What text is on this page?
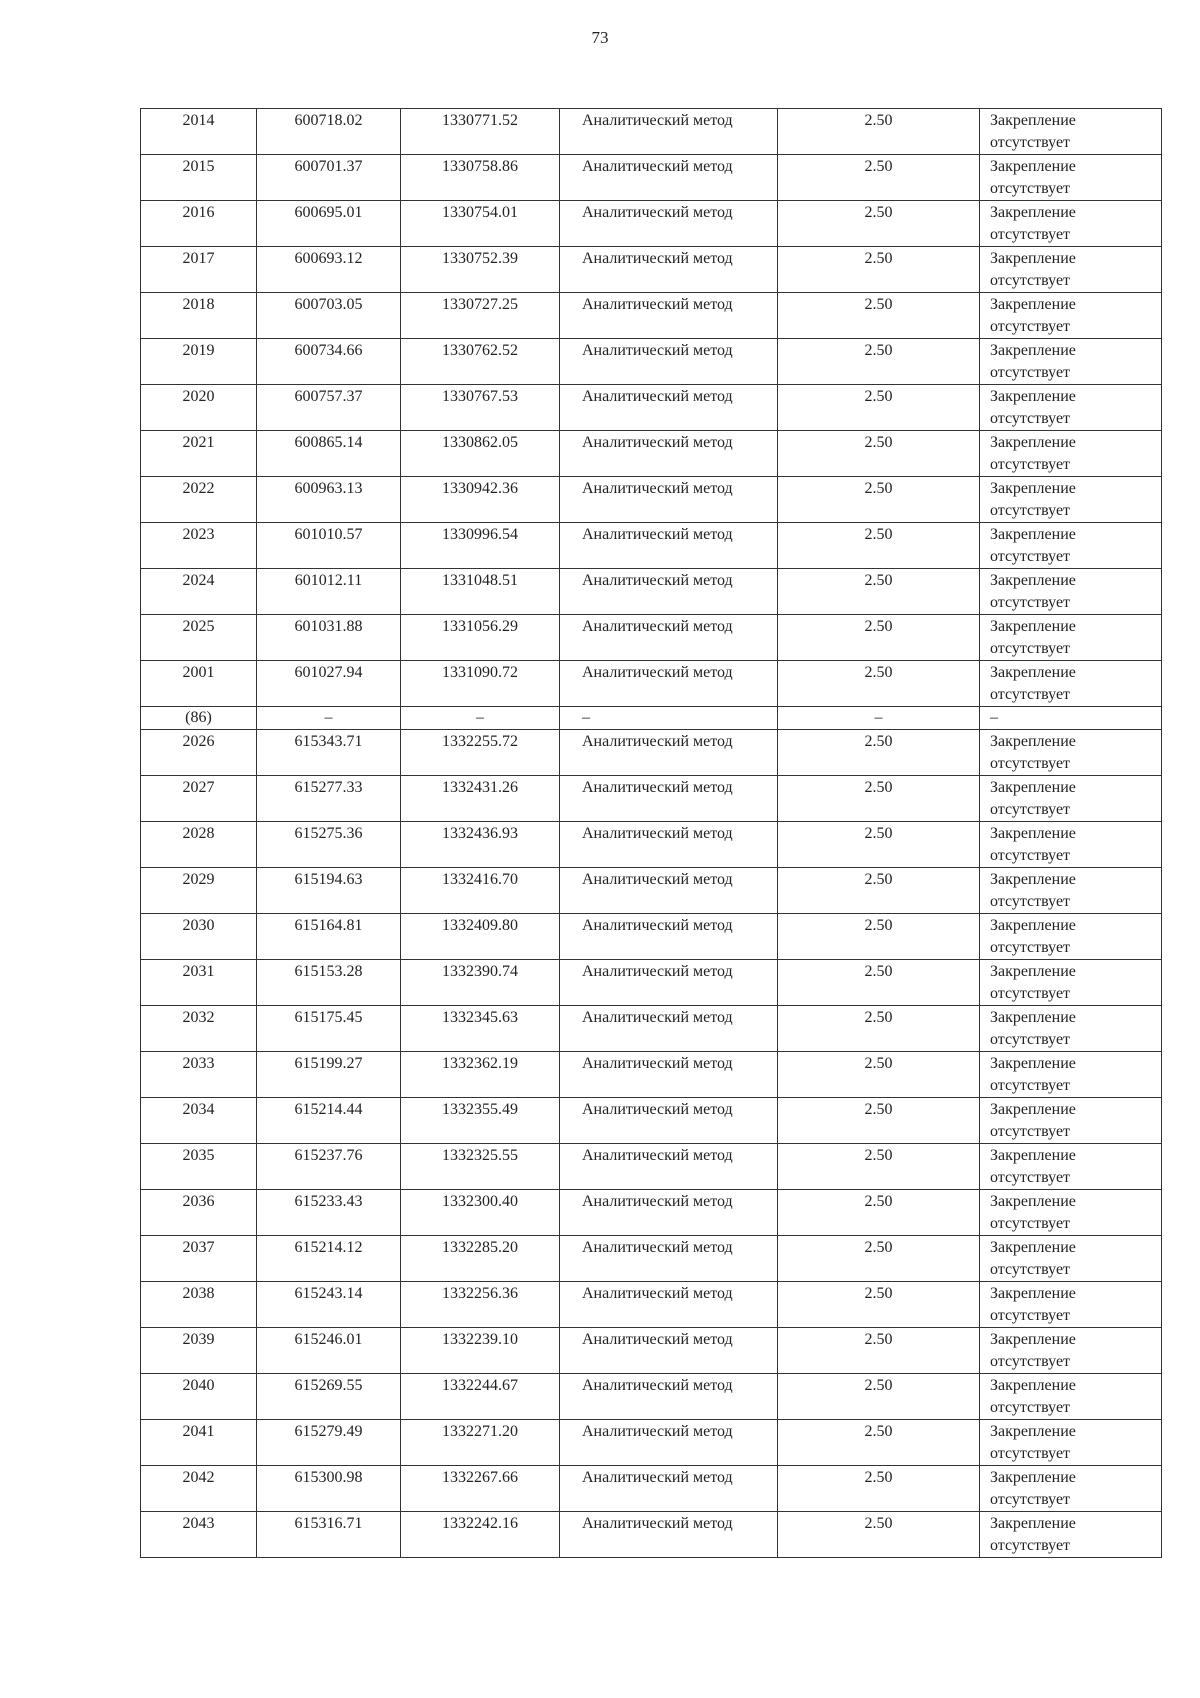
73
2014	600718.02	1330771.52	Аналитический метод	2.50	Закрепление отсутствует
2015	600701.37	1330758.86	Аналитический метод	2.50	Закрепление отсутствует
2016	600695.01	1330754.01	Аналитический метод	2.50	Закрепление отсутствует
2017	600693.12	1330752.39	Аналитический метод	2.50	Закрепление отсутствует
2018	600703.05	1330727.25	Аналитический метод	2.50	Закрепление отсутствует
2019	600734.66	1330762.52	Аналитический метод	2.50	Закрепление отсутствует
2020	600757.37	1330767.53	Аналитический метод	2.50	Закрепление отсутствует
2021	600865.14	1330862.05	Аналитический метод	2.50	Закрепление отсутствует
2022	600963.13	1330942.36	Аналитический метод	2.50	Закрепление отсутствует
2023	601010.57	1330996.54	Аналитический метод	2.50	Закрепление отсутствует
2024	601012.11	1331048.51	Аналитический метод	2.50	Закрепление отсутствует
2025	601031.88	1331056.29	Аналитический метод	2.50	Закрепление отсутствует
2001	601027.94	1331090.72	Аналитический метод	2.50	Закрепление отсутствует
(86)	–	–	–	–	–
2026	615343.71	1332255.72	Аналитический метод	2.50	Закрепление отсутствует
2027	615277.33	1332431.26	Аналитический метод	2.50	Закрепление отсутствует
2028	615275.36	1332436.93	Аналитический метод	2.50	Закрепление отсутствует
2029	615194.63	1332416.70	Аналитический метод	2.50	Закрепление отсутствует
2030	615164.81	1332409.80	Аналитический метод	2.50	Закрепление отсутствует
2031	615153.28	1332390.74	Аналитический метод	2.50	Закрепление отсутствует
2032	615175.45	1332345.63	Аналитический метод	2.50	Закрепление отсутствует
2033	615199.27	1332362.19	Аналитический метод	2.50	Закрепление отсутствует
2034	615214.44	1332355.49	Аналитический метод	2.50	Закрепление отсутствует
2035	615237.76	1332325.55	Аналитический метод	2.50	Закрепление отсутствует
2036	615233.43	1332300.40	Аналитический метод	2.50	Закрепление отсутствует
2037	615214.12	1332285.20	Аналитический метод	2.50	Закрепление отсутствует
2038	615243.14	1332256.36	Аналитический метод	2.50	Закрепление отсутствует
2039	615246.01	1332239.10	Аналитический метод	2.50	Закрепление отсутствует
2040	615269.55	1332244.67	Аналитический метод	2.50	Закрепление отсутствует
2041	615279.49	1332271.20	Аналитический метод	2.50	Закрепление отсутствует
2042	615300.98	1332267.66	Аналитический метод	2.50	Закрепление отсутствует
2043	615316.71	1332242.16	Аналитический метод	2.50	Закрепление отсутствует
